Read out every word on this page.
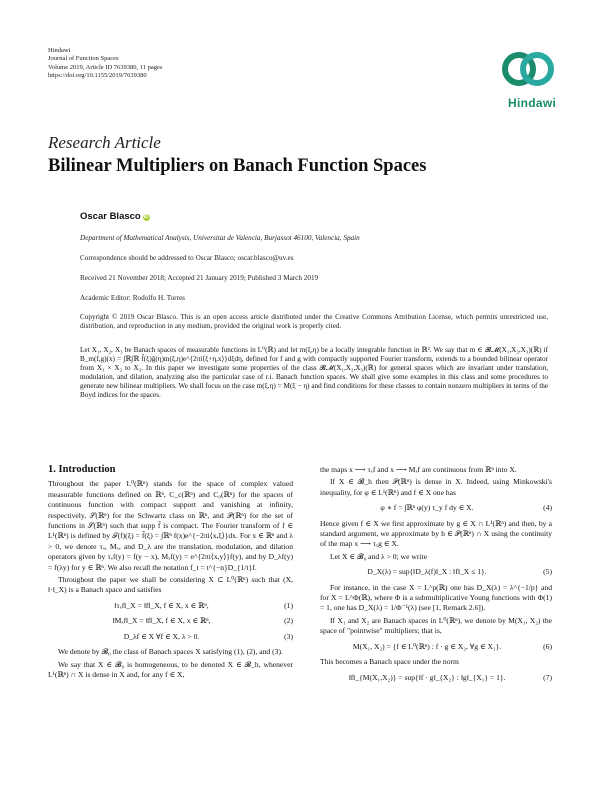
Hindawi
Journal of Function Spaces
Volume 2019, Article ID 7639380, 11 pages
https://doi.org/10.1155/2019/7639380
Hindawi
Research Article
Bilinear Multipliers on Banach Function Spaces
Oscar Blasco iD
Department of Mathematical Analysis, Universitat de Valencia, Burjassot 46100, Valencia, Spain
Correspondence should be addressed to Oscar Blasco; oscar.blasco@uv.es
Received 21 November 2018; Accepted 21 January 2019; Published 3 March 2019
Academic Editor: Rodolfo H. Torres
Copyright © 2019 Oscar Blasco. This is an open access article distributed under the Creative Commons Attribution License, which permits unrestricted use, distribution, and reproduction in any medium, provided the original work is properly cited.
Let X₁, X₂, X₃ be Banach spaces of measurable functions in L⁰(ℝ) and let m(ξ,η) be a locally integrable function in ℝ². We say that m ∈ 𝓑𝓜(X₁,X₂,X₃)(ℝ) if B_m(f,g)(x) = ∫ℝ∫ℝ f̂(ξ)ĝ(η)m(ξ,η)e^{2πi⟨ξ+η,x⟩}dξdη, defined for f and g with compactly supported Fourier transform, extends to a bounded bilinear operator from X₁ × X₂ to X₃. In this paper we investigate some properties of the class 𝓑𝓜(X₁,X₂,X₃)(ℝ) for general spaces which are invariant under translation, modulation, and dilation, analyzing also the particular case of r.i. Banach function spaces. We shall give some examples in this class and some procedures to generate new bilinear multipliers. We shall focus on the case m(ξ,η) = M(ξ − η) and find conditions for these classes to contain nonzero multipliers in terms of the Boyd indices for the spaces.
1. Introduction
Throughout the paper L⁰(ℝⁿ) stands for the space of complex valued measurable functions defined on ℝⁿ, C_c(ℝⁿ) and C₀(ℝⁿ) for the spaces of continuous function with compact support and vanishing at infinity, respectively, 𝒮(ℝⁿ) for the Schwartz class on ℝⁿ, and 𝒫(ℝⁿ) for the set of functions in 𝒮(ℝⁿ) such that supp f̂ is compact. The Fourier transform of f ∈ L¹(ℝⁿ) is defined by ℱ(f)(ξ) = f̂(ξ) = ∫ℝⁿ f(x)e^{−2πi⟨x,ξ⟩}dx. For x ∈ ℝⁿ and λ > 0, we denote τₓ, Mₓ, and D_λ are the translation, modulation, and dilation operators given by τₓf(y) = f(y − x), Mₓf(y) = e^{2πi⟨x,y⟩}f(y), and by D_λf(y) = f(λy) for y ∈ ℝⁿ. We also recall the notation f_t = t^{−n}D_{1/t}f.
Throughout the paper we shall be considering X ⊂ L⁰(ℝⁿ) such that (X, ‖·‖_X) is a Banach space and satisfies
‖τₓf‖_X = ‖f‖_X, f ∈ X, x ∈ ℝⁿ,	(1)
‖Mₓf‖_X = ‖f‖_X, f ∈ X, x ∈ ℝⁿ,	(2)
D_λf ∈ X ∀f ∈ X, λ > 0.	(3)
We denote by 𝓑₀ the class of Banach spaces X satisfying (1), (2), and (3).
We say that X ∈ 𝓑₀ is homogeneous, to be denoted X ∈ 𝓑_h, whenever L¹(ℝⁿ) ∩ X is dense in X and, for any f ∈ X,
the maps x ⟶ τₓf and x ⟶ Mₓf are continuous from ℝⁿ into X.
If X ∈ 𝓑_h then 𝒫(ℝⁿ) is dense in X. Indeed, using Minkowski's inequality, for φ ∈ L¹(ℝⁿ) and f ∈ X one has
φ ∗ f = ∫ℝⁿ φ(y) τ_y f dy ∈ X.	(4)
Hence given f ∈ X we first approximate by g ∈ X ∩ L¹(ℝⁿ) and then, by a standard argument, we approximate by h ∈ 𝒫(ℝⁿ) ∩ X using the continuity of the map x ⟶ τₓg ∈ X.
Let X ∈ 𝓑₀ and λ > 0; we write
D_X(λ) = sup{‖D_λ(f)‖_X : ‖f‖_X ≤ 1}.	(5)
For instance, in the case X = L^p(ℝ) one has D_X(λ) = λ^{−1/p} and for X = L^Φ(ℝ), where Φ is a submultiplicative Young functions with Φ(1) = 1, one has D_X(λ) = 1/Φ⁻¹(λ) (see [1, Remark 2.6]).
If X₁ and X₂ are Banach spaces in L⁰(ℝⁿ), we denote by M(X₁, X₂) the space of "pointwise" multipliers; that is,
M(X₁, X₂) = {f ∈ L⁰(ℝⁿ) : f · g ∈ X₂, ∀g ∈ X₁}.	(6)
This becomes a Banach space under the norm
‖f‖_{M(X₁,X₂)} = sup{‖f · g‖_{X₂} : ‖g‖_{X₁} = 1}.	(7)
